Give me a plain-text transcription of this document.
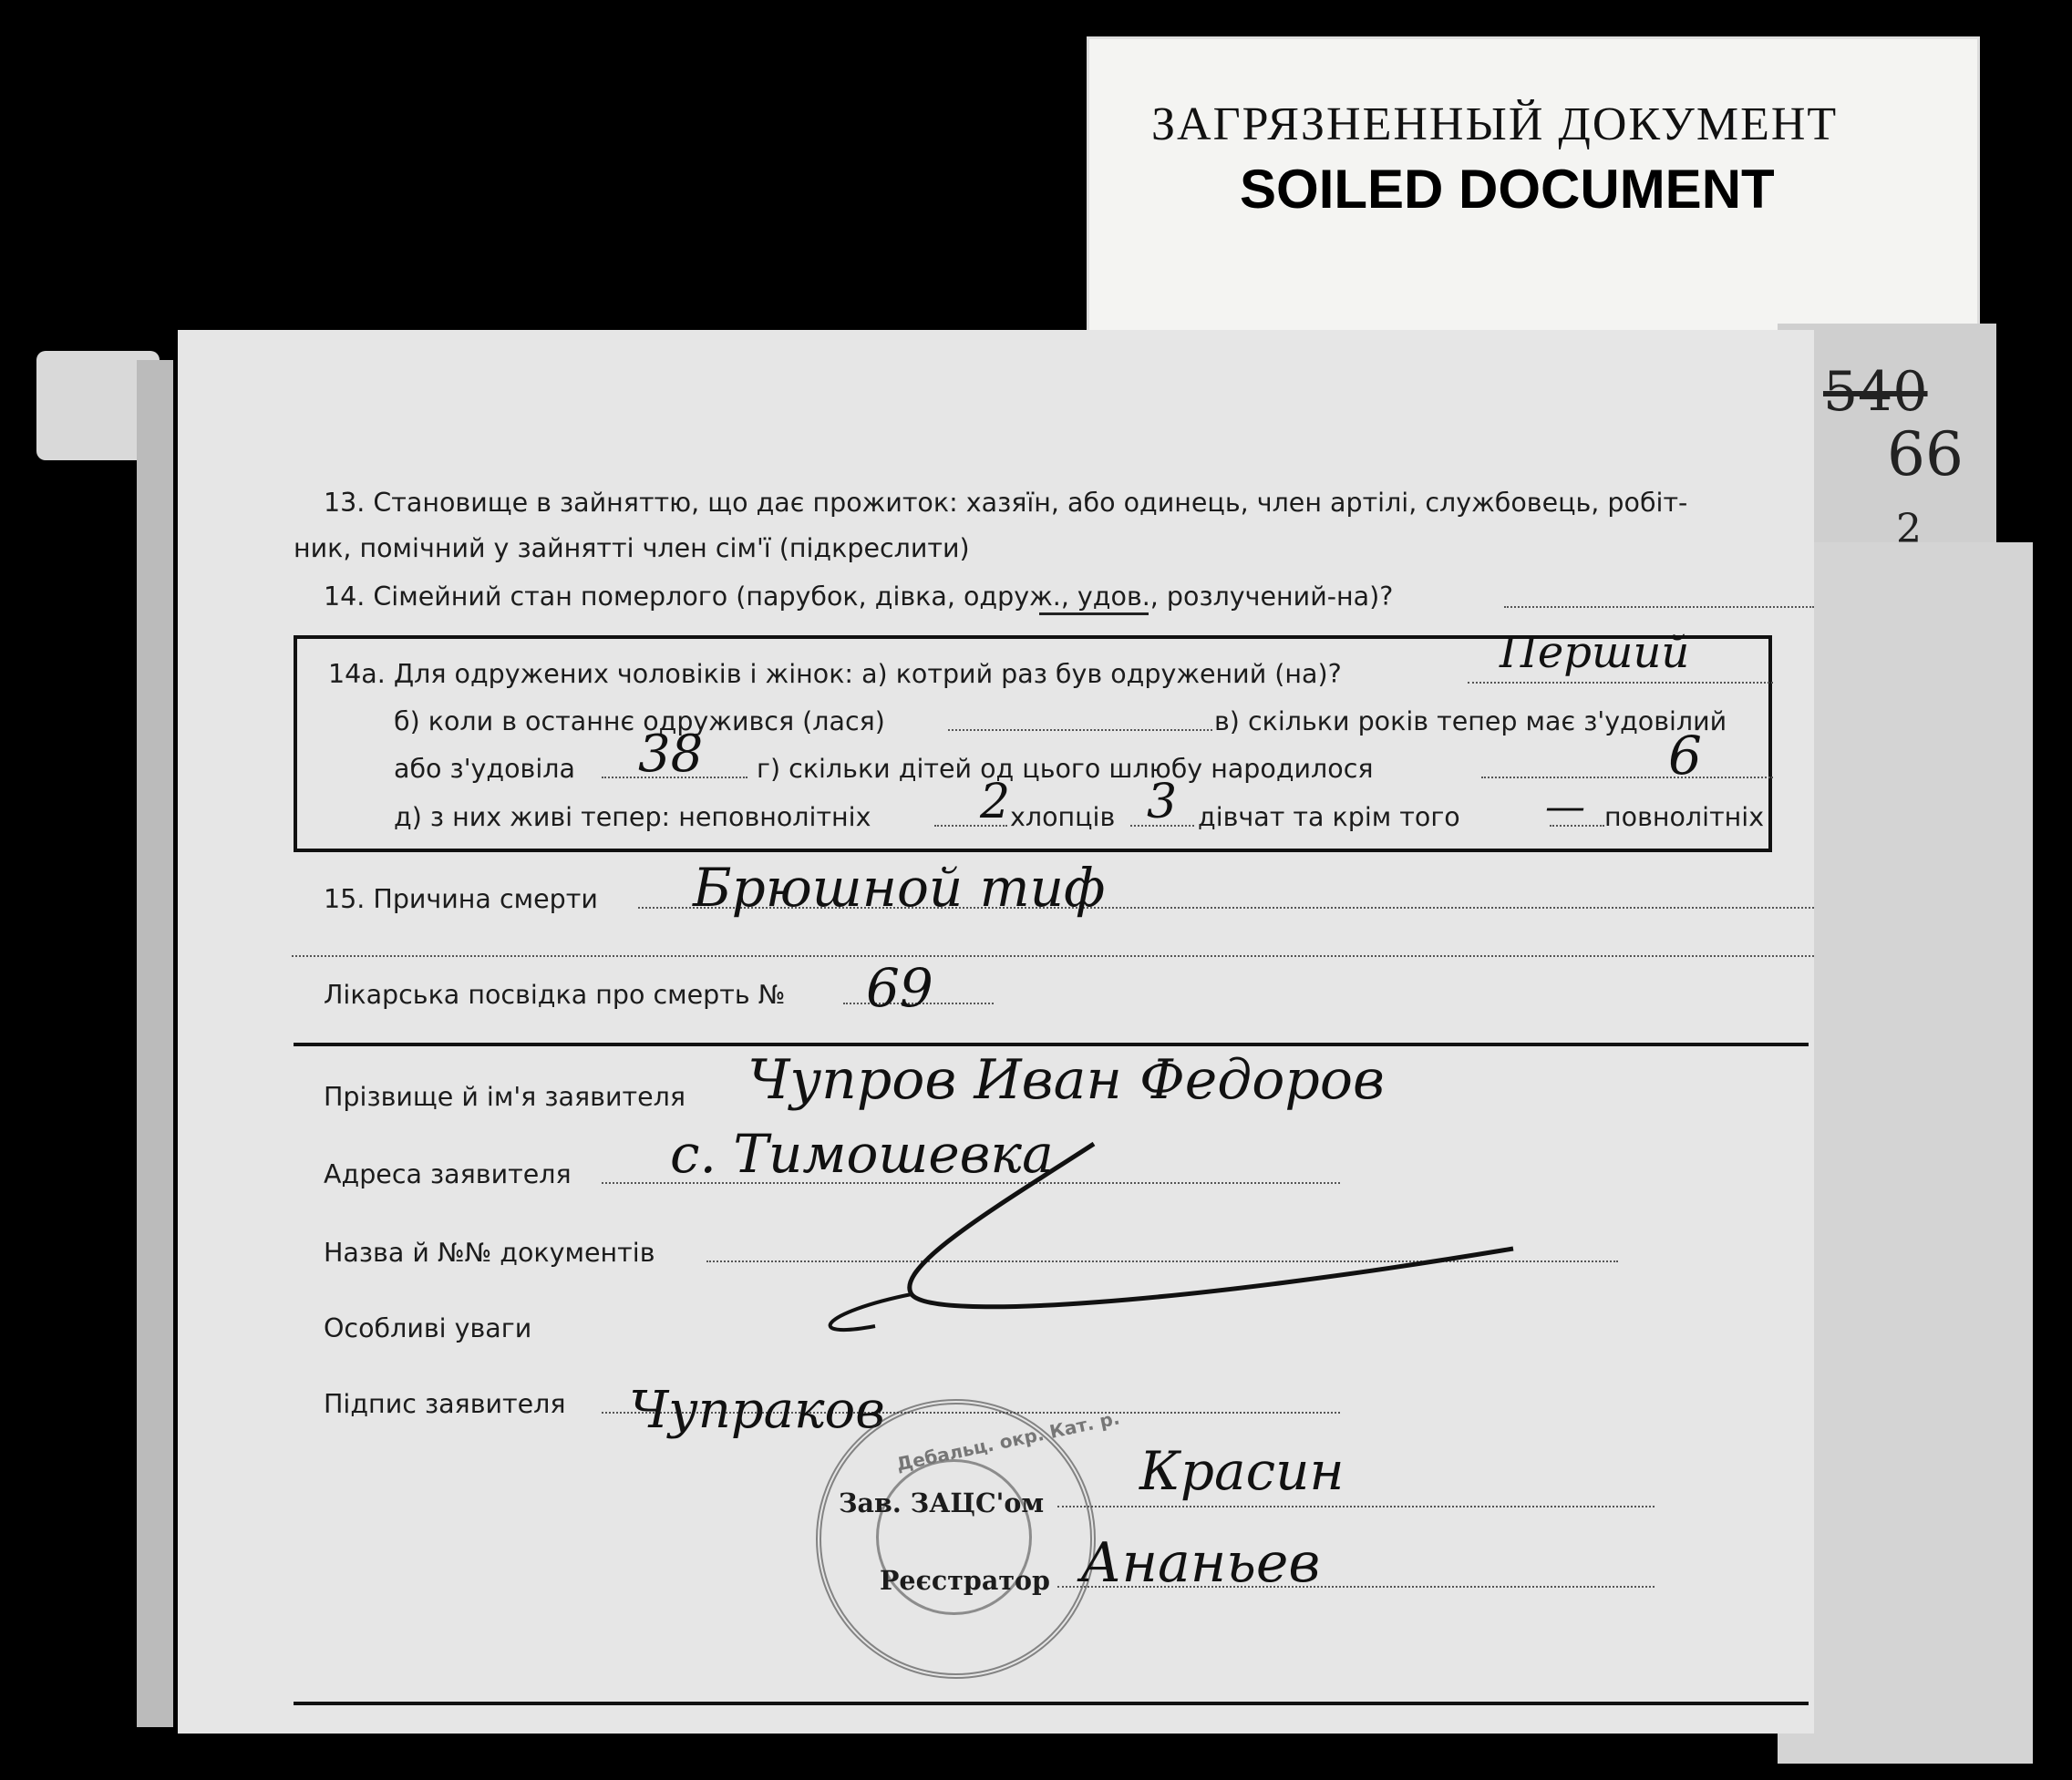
ЗАГРЯЗНЕННЫЙ ДОКУМЕНТ
SOILED DOCUMENT
540
66
2
13. Становище в зайняттю, що дає прожиток: хазяїн, або одинець, член артілі, службовець, робіт-
ник, помічний у зайнятті член сім'ї (підкреслити)
14. Сімейний стан померлого (парубок, дівка, одруж., удов., розлучений-на)?
14а. Для одружених чоловіків і жінок: а) котрий раз був одружений (на)?	Перший
б) коли в останнє одружився (лася)	в) скільки років тепер має з'удовілий
або з'удовіла 38 г) скільки дітей од цього шлюбу народилося	6
д) з них живі тепер: неповнолітніх 2 хлопців 3 дівчат та крім того — повнолітніх
15. Причина смерти Брюшной тиф
Лікарська посвідка про смерть № 69
Прізвище й ім'я заявителя Чупров Иван Федоров
Адреса заявителя с. Тимошевка
Назва й №№ документів
Особливі уваги
Підпис заявителя Чупраков Дебальц. окр. Кат. р.
Зав. ЗАЦС'ом
Красин
Реєстратор Ананьев
